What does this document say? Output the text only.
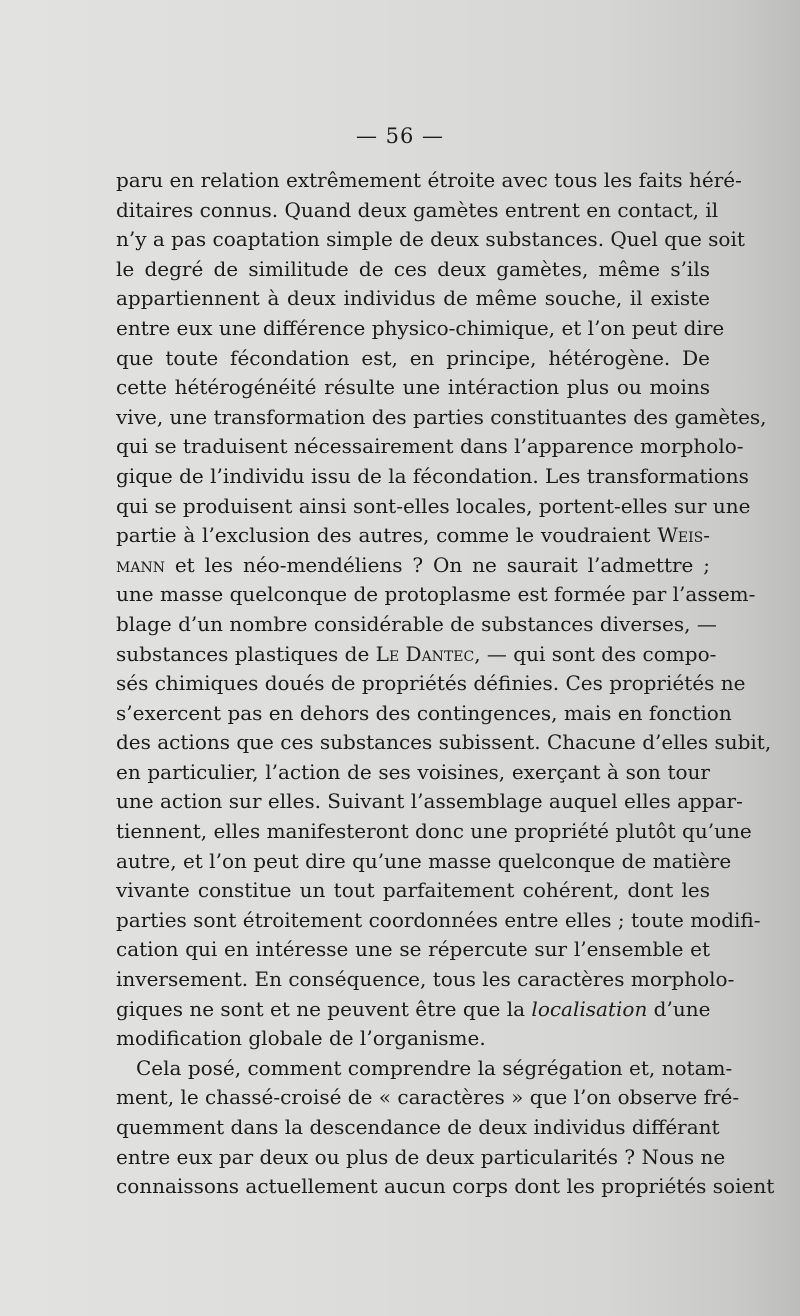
— 56 —
paru en relation extrêmement étroite avec tous les faits héré-
ditaires connus. Quand deux gamètes entrent en contact, il
n’y a pas coaptation simple de deux substances. Quel que soit
le degré de similitude de ces deux gamètes, même s’ils
appartiennent à deux individus de même souche, il existe
entre eux une différence physico-chimique, et l’on peut dire
que toute fécondation est, en principe, hétérogène. De
cette hétérogénéité résulte une intéraction plus ou moins
vive, une transformation des parties constituantes des gamètes,
qui se traduisent nécessairement dans l’apparence morpholo-
gique de l’individu issu de la fécondation. Les transformations
qui se produisent ainsi sont-elles locales, portent-elles sur une
partie à l’exclusion des autres, comme le voudraient Weis-
mann et les néo-mendéliens ? On ne saurait l’admettre ;
une masse quelconque de protoplasme est formée par l’assem-
blage d’un nombre considérable de substances diverses, —
substances plastiques de Le Dantec, — qui sont des compo-
sés chimiques doués de propriétés définies. Ces propriétés ne
s’exercent pas en dehors des contingences, mais en fonction
des actions que ces substances subissent. Chacune d’elles subit,
en particulier, l’action de ses voisines, exerçant à son tour
une action sur elles. Suivant l’assemblage auquel elles appar-
tiennent, elles manifesteront donc une propriété plutôt qu’une
autre, et l’on peut dire qu’une masse quelconque de matière
vivante constitue un tout parfaitement cohérent, dont les
parties sont étroitement coordonnées entre elles ; toute modifi-
cation qui en intéresse une se répercute sur l’ensemble et
inversement. En conséquence, tous les caractères morpholo-
giques ne sont et ne peuvent être que la localisation d’une
modification globale de l’organisme.
Cela posé, comment comprendre la ségrégation et, notam-
ment, le chassé-croisé de « caractères » que l’on observe fré-
quemment dans la descendance de deux individus différant
entre eux par deux ou plus de deux particularités ? Nous ne
connaissons actuellement aucun corps dont les propriétés soient
